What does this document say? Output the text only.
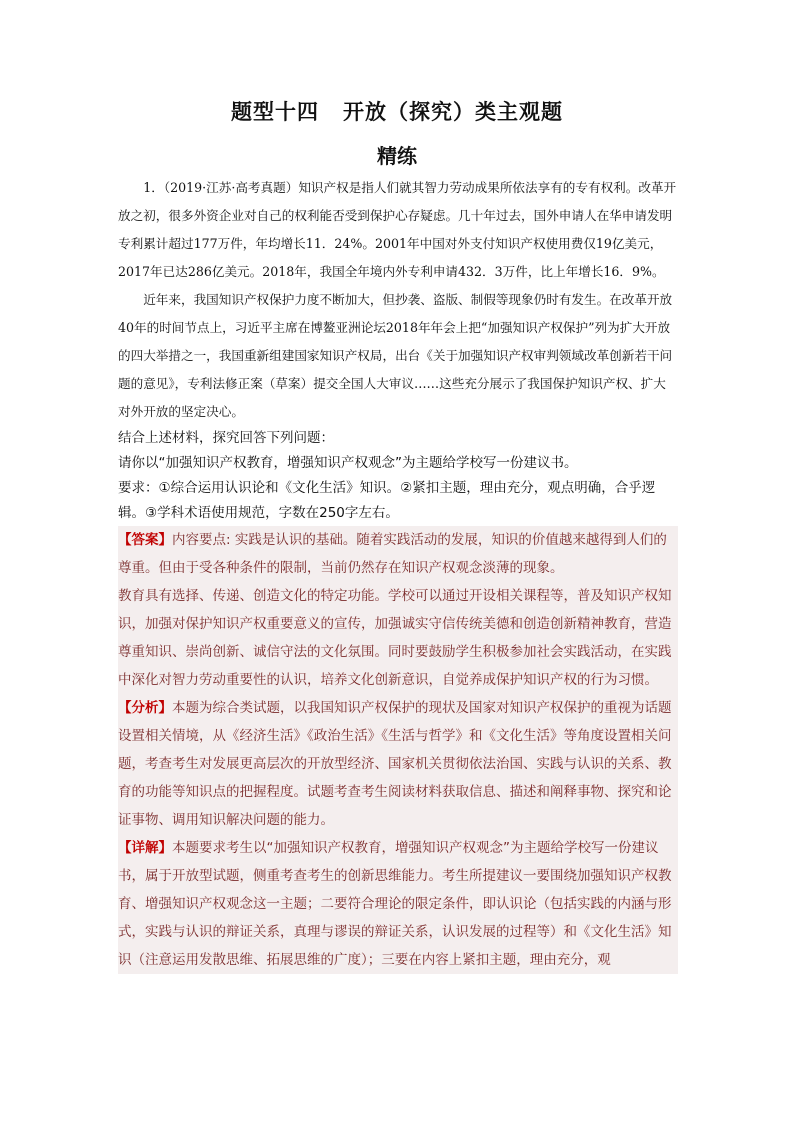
题型十四 开放（探究）类主观题
精练

1．（2019·江苏·高考真题）知识产权是指人们就其智力劳动成果所依法享有的专有权利。改革开放之初，很多外资企业对自己的权利能否受到保护心存疑虑。几十年过去，国外申请人在华申请发明专利累计超过177万件，年均增长11．24%。2001年中国对外支付知识产权使用费仅19亿美元，2017年已达286亿美元。2018年，我国全年境内外专利申请432．3万件，比上年增长16．9%。

近年来，我国知识产权保护力度不断加大，但抄袭、盗版、制假等现象仍时有发生。在改革开放40年的时间节点上，习近平主席在博鳌亚洲论坛2018年年会上把“加强知识产权保护”列为扩大开放的四大举措之一，我国重新组建国家知识产权局，出台《关于加强知识产权审判领域改革创新若干问题的意见》，专利法修正案（草案）提交全国人大审议……这些充分展示了我国保护知识产权、扩大对外开放的坚定决心。

结合上述材料，探究回答下列问题：

请你以“加强知识产权教育，增强知识产权观念”为主题给学校写一份建议书。

要求：①综合运用认识论和《文化生活》知识。②紧扣主题，理由充分，观点明确，合乎逻辑。③学科术语使用规范，字数在250字左右。

【答案】内容要点: 实践是认识的基础。随着实践活动的发展，知识的价值越来越得到人们的尊重。但由于受各种条件的限制，当前仍然存在知识产权观念淡薄的现象。

教育具有选择、传递、创造文化的特定功能。学校可以通过开设相关课程等，普及知识产权知识，加强对保护知识产权重要意义的宣传，加强诚实守信传统美德和创造创新精神教育，营造尊重知识、崇尚创新、诚信守法的文化氛围。同时要鼓励学生积极参加社会实践活动，在实践中深化对智力劳动重要性的认识，培养文化创新意识，自觉养成保护知识产权的行为习惯。

【分析】本题为综合类试题，以我国知识产权保护的现状及国家对知识产权保护的重视为话题设置相关情境，从《经济生活》《政治生活》《生活与哲学》和《文化生活》等角度设置相关问题，考查考生对发展更高层次的开放型经济、国家机关贯彻依法治国、实践与认识的关系、教育的功能等知识点的把握程度。试题考查考生阅读材料获取信息、描述和阐释事物、探究和论证事物、调用知识解决问题的能力。

【详解】本题要求考生以“加强知识产权教育，增强知识产权观念”为主题给学校写一份建议书，属于开放型试题，侧重考查考生的创新思维能力。考生所提建议一要围绕加强知识产权教育、增强知识产权观念这一主题；二要符合理论的限定条件，即认识论（包括实践的内涵与形式，实践与认识的辩证关系，真理与谬误的辩证关系，认识发展的过程等）和《文化生活》知识（注意运用发散思维、拓展思维的广度）；三要在内容上紧扣主题，理由充分，观
